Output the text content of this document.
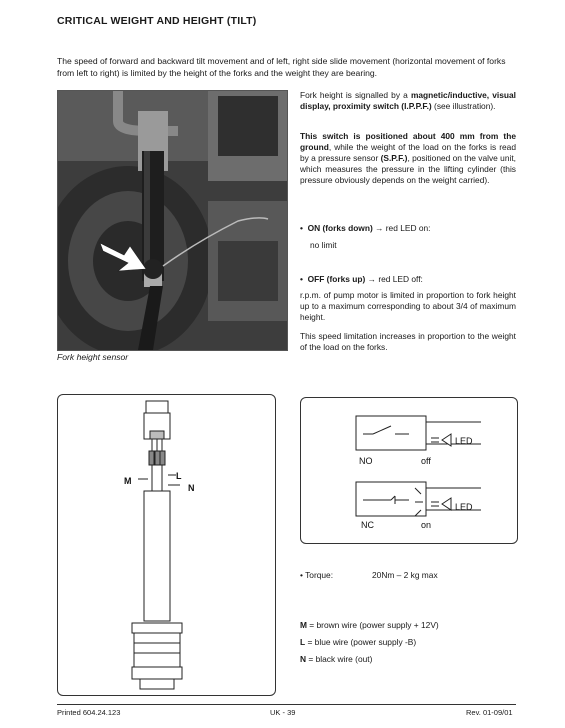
CRITICAL WEIGHT AND HEIGHT (TILT)
The speed of forward and backward tilt movement and of left, right side slide movement (horizontal movement of forks from left to right) is limited by the height of the forks and the weight they are bearing.
Fork height sensor
Fork height is signalled by a magnetic/inductive, visual display, proximity switch (I.P.P.F.) (see illustration).
This switch is positioned about 400 mm from the ground, while the weight of the load on the forks is read by a pressure sensor (S.P.F.), positioned on the valve unit, which measures the pressure in the lifting cylinder (this pressure obviously depends on the weight carried).
•  ON (forks down) → red LED on:
no limit
•  OFF (forks up) → red LED off:
r.p.m. of pump motor is limited in proportion to fork height up to a maximum corresponding to about 3/4 of maximum height.
This speed limitation increases in proportion to the weight of the load on the forks.
M	L
N
LED
NO	off
LED
NC	on
• Torque:	20Nm – 2 kg max
M = brown wire (power supply + 12V)
L = blue wire (power supply -B)
N = black wire (out)
Printed 604.24.123	UK - 39	Rev. 01-09/01
